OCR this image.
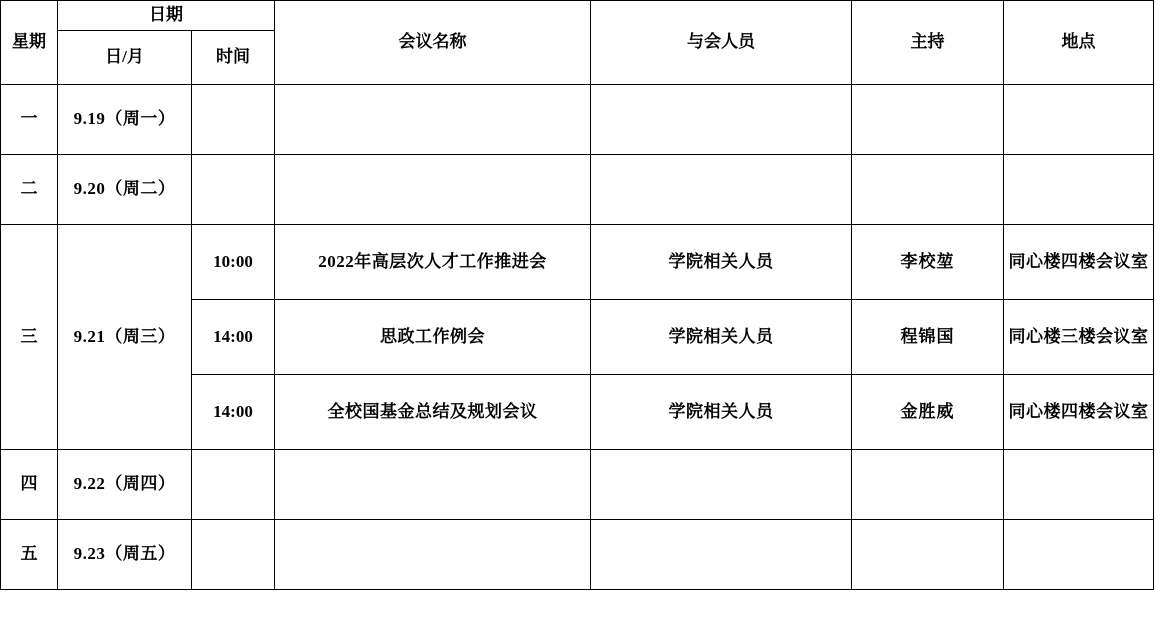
星期	日期		会议名称	与会人员	主持	地点
	日/月	时间				
一	9.19（周一）					
二	9.20（周二）					
三	9.21（周三）	10:00	2022年高层次人才工作推进会	学院相关人员	李校堃	同心楼四楼会议室
		14:00	思政工作例会	学院相关人员	程锦国	同心楼三楼会议室
		14:00	全校国基金总结及规划会议	学院相关人员	金胜威	同心楼四楼会议室
四	9.22（周四）					
五	9.23（周五）					
